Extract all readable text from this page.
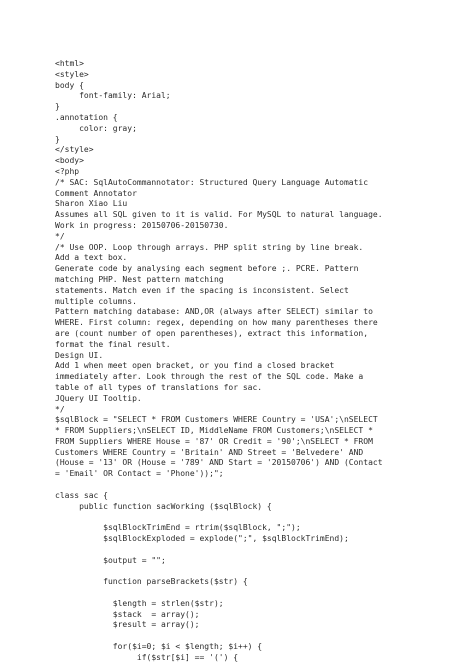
<html>
<style>
body {
font-family: Arial;
}
.annotation {
color: gray;
}
</style>
<body>
<?php
/* SAC: SqlAutoCommannotator: Structured Query Language Automatic
Comment Annotator
Sharon Xiao Liu
Assumes all SQL given to it is valid. For MySQL to natural language.
Work in progress: 20150706-20150730.
*/
/* Use OOP. Loop through arrays. PHP split string by line break.
Add a text box.
Generate code by analysing each segment before ;. PCRE. Pattern
matching PHP. Nest pattern matching
statements. Match even if the spacing is inconsistent. Select
multiple columns.
Pattern matching database: AND,OR (always after SELECT) similar to
WHERE. First column: regex, depending on how many parentheses there
are (count number of open parentheses), extract this information,
format the final result.
Design UI.
Add 1 when meet open bracket, or you find a closed bracket
immediately after. Look through the rest of the SQL code. Make a
table of all types of translations for sac.
JQuery UI Tooltip.
*/
$sqlBlock = "SELECT * FROM Customers WHERE Country = 'USA';\nSELECT
* FROM Suppliers;\nSELECT ID, MiddleName FROM Customers;\nSELECT *
FROM Suppliers WHERE House = '87' OR Credit = '90';\nSELECT * FROM
Customers WHERE Country = 'Britain' AND Street = 'Belvedere' AND
(House = '13' OR (House = '789' AND Start = '20150706') AND (Contact
= 'Email' OR Contact = 'Phone'));";
class sac {
public function sacWorking ($sqlBlock) {
$sqlBlockTrimEnd = rtrim($sqlBlock, ";");
$sqlBlockExploded = explode(";", $sqlBlockTrimEnd);
$output = "";
function parseBrackets($str) {
$length = strlen($str);
$stack  = array();
$result = array();
for($i=0; $i < $length; $i++) {
if($str[$i] == '(') {
